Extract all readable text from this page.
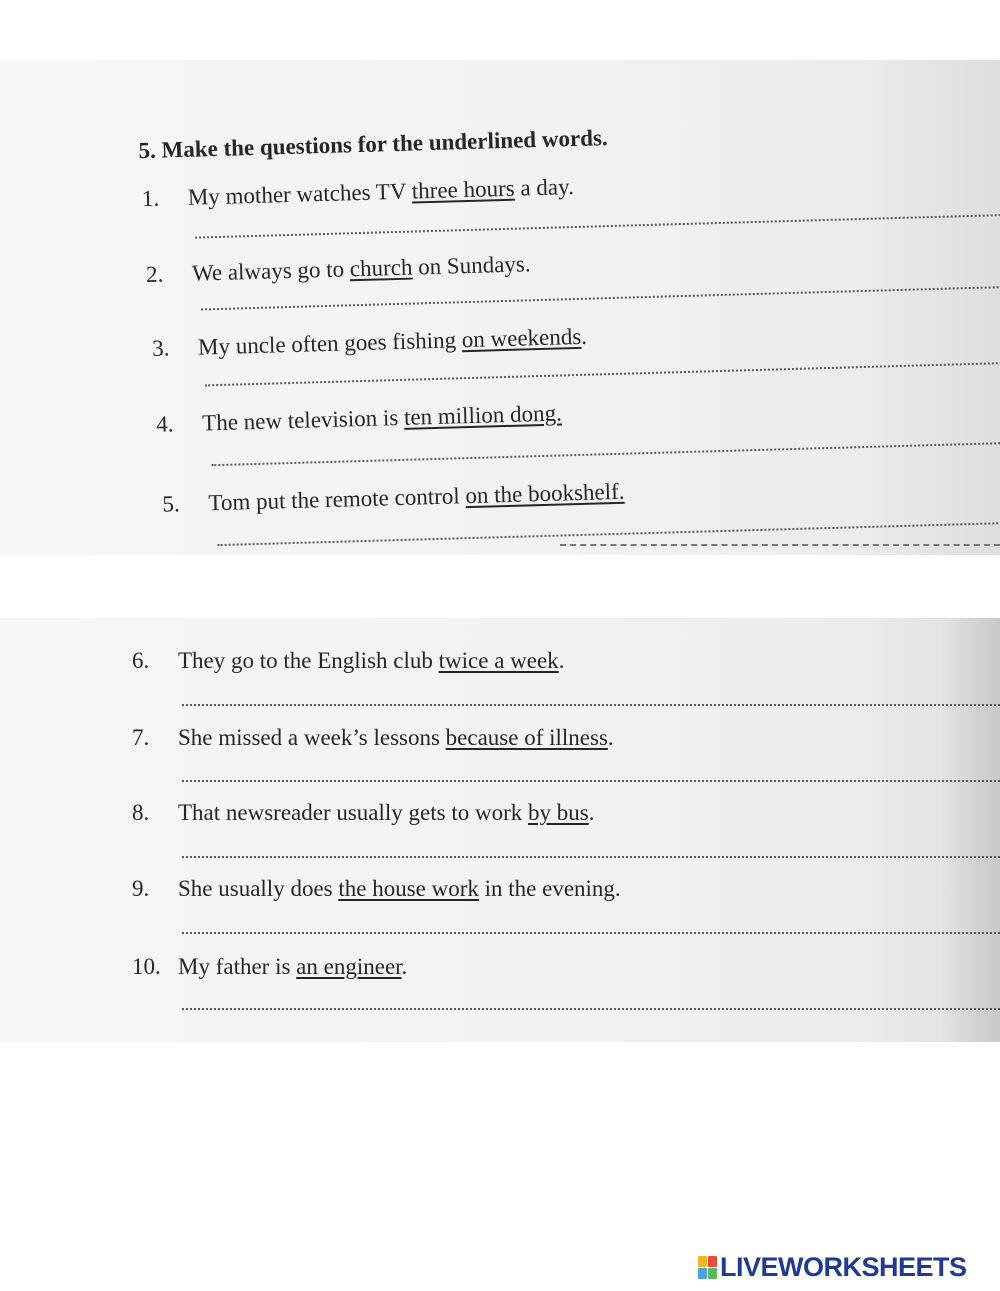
5. Make the questions for the underlined words.
1. My mother watches TV three hours a day.
2. We always go to church on Sundays.
3. My uncle often goes fishing on weekends.
4. The new television is ten million dong.
5. Tom put the remote control on the bookshelf.
6. They go to the English club twice a week.
7. She missed a week’s lessons because of illness.
8. That newsreader usually gets to work by bus.
9. She usually does the house work in the evening.
10. My father is an engineer.
LIVEWORKSHEETS
